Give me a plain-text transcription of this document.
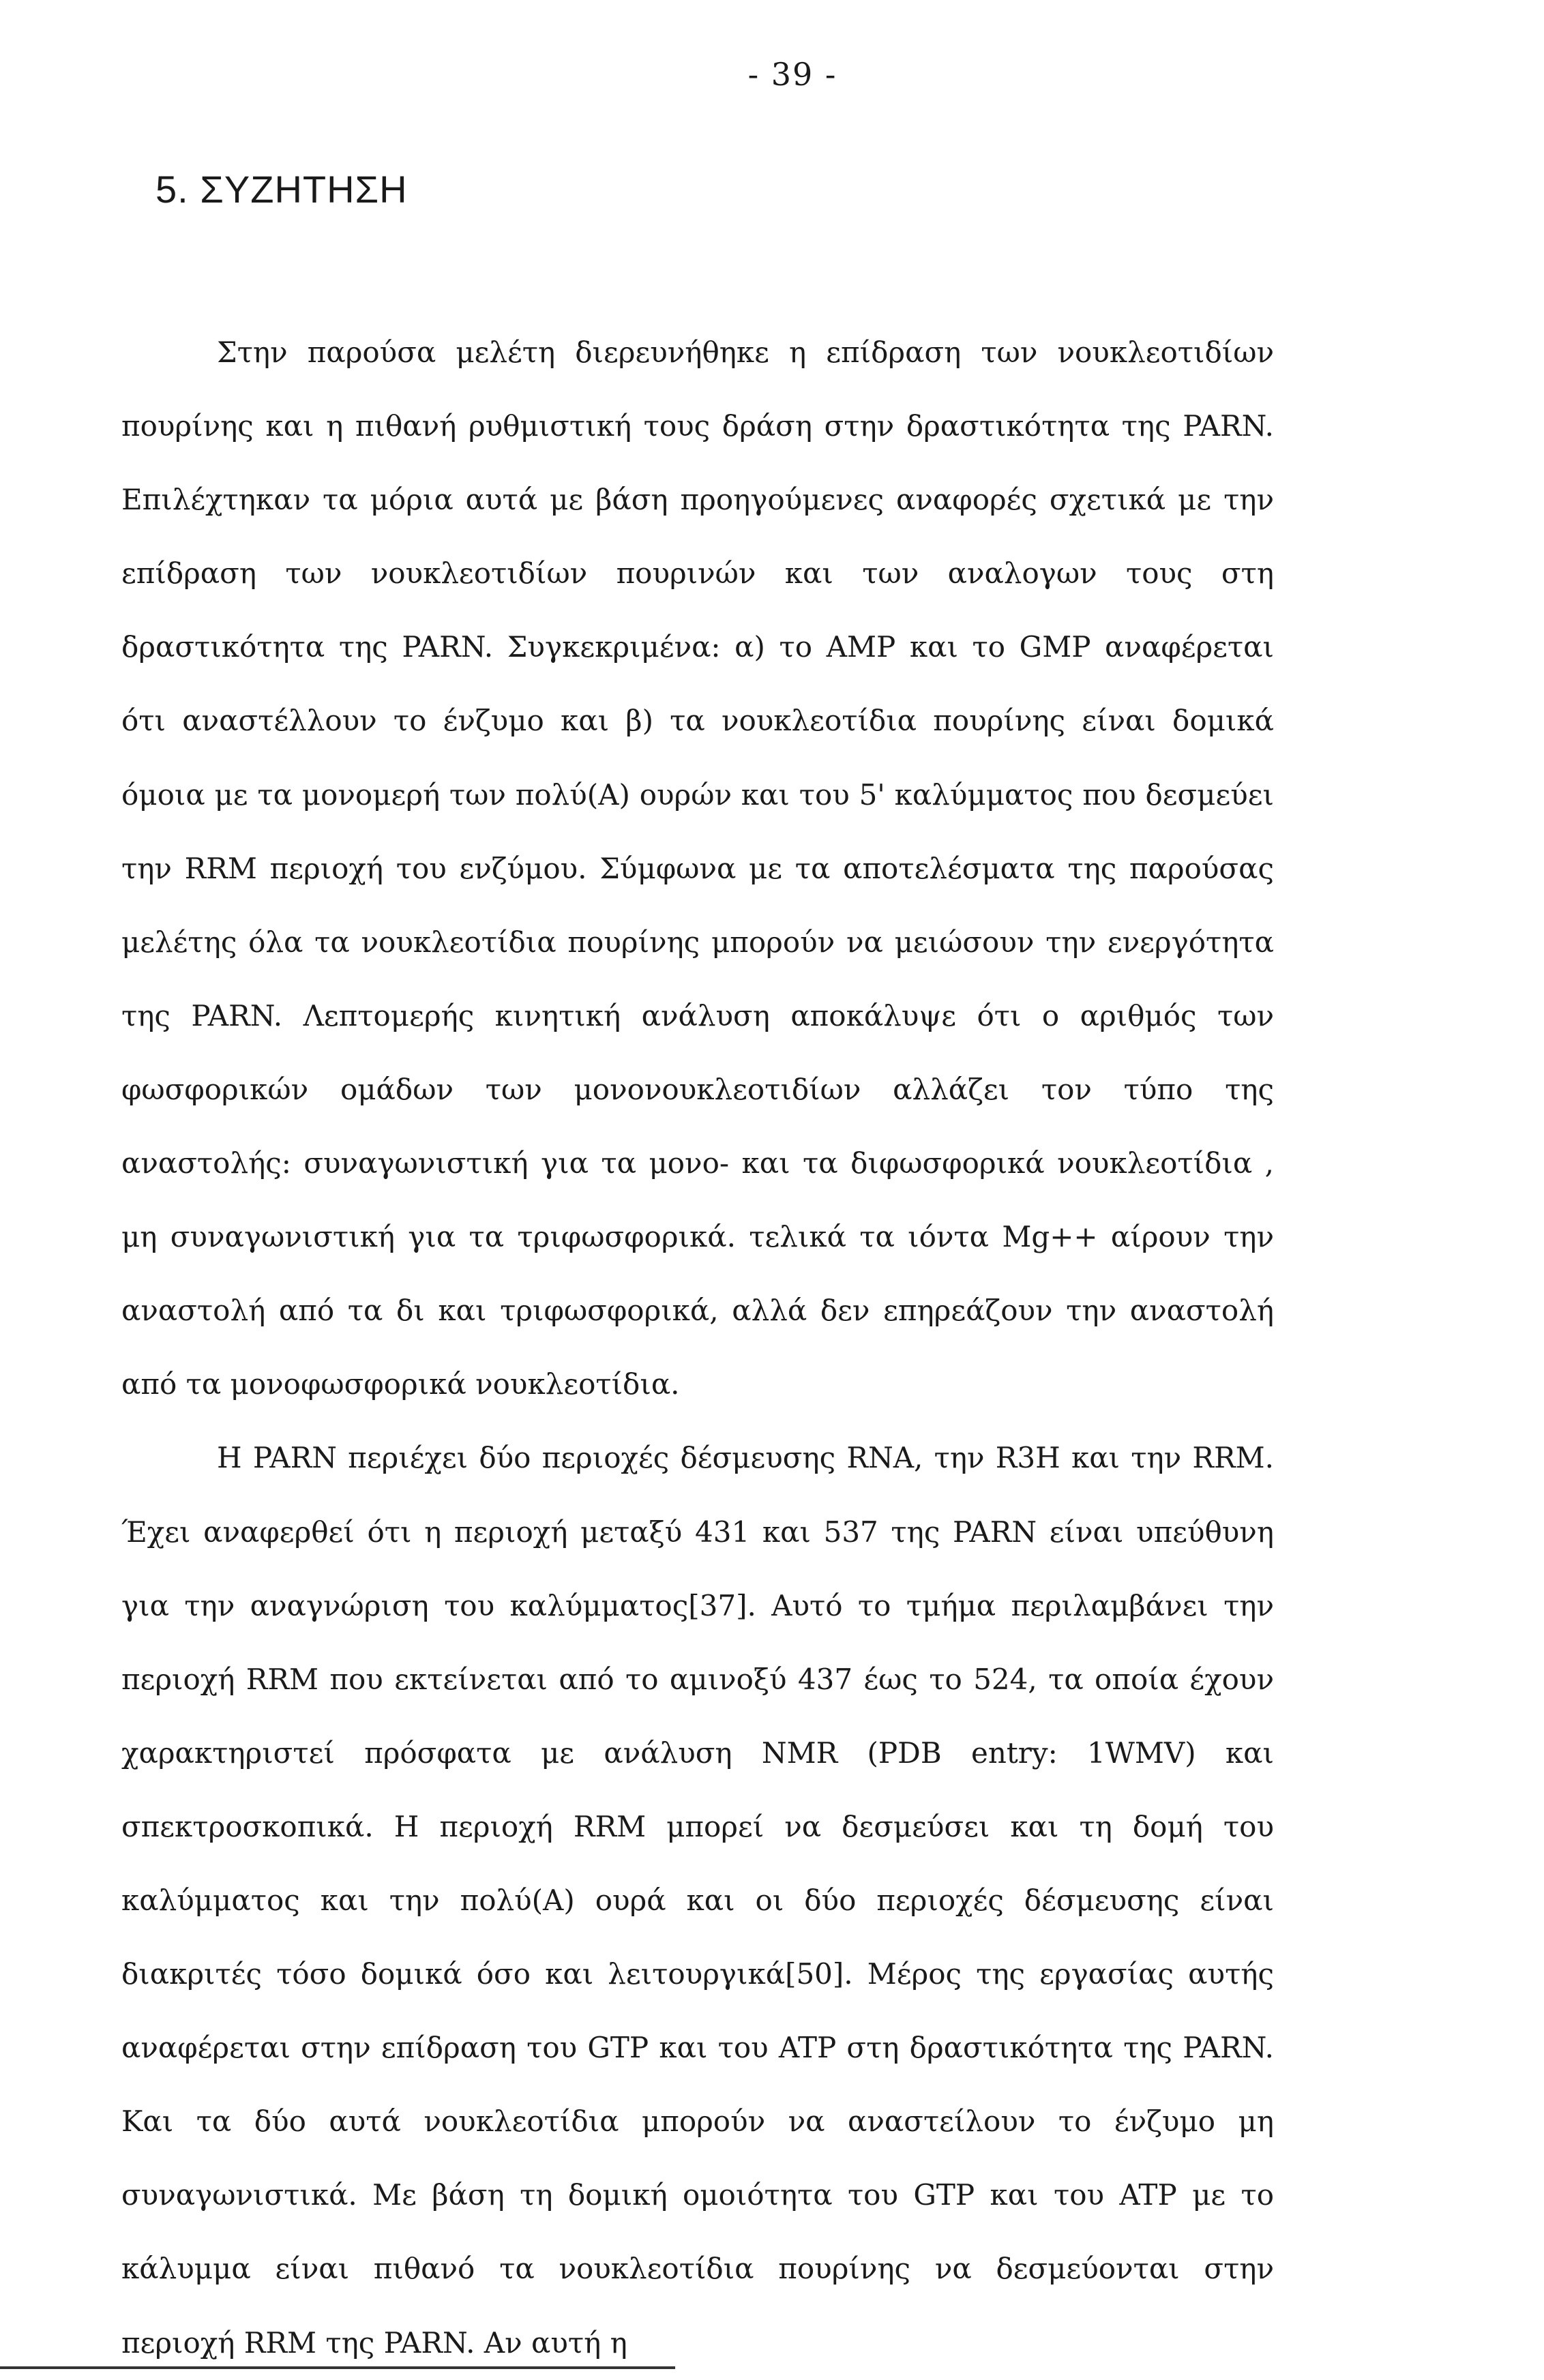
- 39 -
5. ΣΥΖΗΤΗΣΗ

Στην παρούσα μελέτη διερευνήθηκε η επίδραση των νουκλεοτιδίων πουρίνης και η πιθανή ρυθμιστική τους δράση στην δραστικότητα της PARN. Επιλέχτηκαν τα μόρια αυτά με βάση προηγούμενες αναφορές σχετικά με την επίδραση των νουκλεοτιδίων πουρινών και των αναλογων τους στη δραστικότητα της PARN. Συγκεκριμένα: α) το AMP και το GMP αναφέρεται ότι αναστέλλουν το ένζυμο και β) τα νουκλεοτίδια πουρίνης είναι δομικά όμοια με τα μονομερή των πολύ(Α) ουρών και του 5' καλύμματος που δεσμεύει την RRM περιοχή του ενζύμου. Σύμφωνα με τα αποτελέσματα της παρούσας μελέτης όλα τα νουκλεοτίδια πουρίνης μπορούν να μειώσουν την ενεργότητα της PARN. Λεπτομερής κινητική ανάλυση αποκάλυψε ότι ο αριθμός των φωσφορικών ομάδων των μονονουκλεοτιδίων αλλάζει τον τύπο της αναστολής: συναγωνιστική για τα μονο- και τα διφωσφορικά νουκλεοτίδια , μη συναγωνιστική για τα τριφωσφορικά. τελικά τα ιόντα Mg++ αίρουν την αναστολή από τα δι και τριφωσφορικά, αλλά δεν επηρεάζουν την αναστολή από τα μονοφωσφορικά νουκλεοτίδια.

Η PARN περιέχει δύο περιοχές δέσμευσης RNA, την R3H και την RRM. Έχει αναφερθεί ότι η περιοχή μεταξύ 431 και 537 της PARN είναι υπεύθυνη για την αναγνώριση του καλύμματος[37]. Αυτό το τμήμα περιλαμβάνει την περιοχή RRM που εκτείνεται από το αμινοξύ 437 έως το 524, τα οποία έχουν χαρακτηριστεί πρόσφατα με ανάλυση NMR (PDB entry: 1WMV) και σπεκτροσκοπικά. Η περιοχή RRM μπορεί να δεσμεύσει και τη δομή του καλύμματος και την πολύ(Α) ουρά και οι δύο περιοχές δέσμευσης είναι διακριτές τόσο δομικά όσο και λειτουργικά[50]. Μέρος της εργασίας αυτής αναφέρεται στην επίδραση του GTP και του ATP στη δραστικότητα της PARN. Και τα δύο αυτά νουκλεοτίδια μπορούν να αναστείλουν το ένζυμο μη συναγωνιστικά. Με βάση τη δομική ομοιότητα του GTP και του ATP με το κάλυμμα είναι πιθανό τα νουκλεοτίδια πουρίνης να δεσμεύονται στην περιοχή RRM της PARN. Αν αυτή η
